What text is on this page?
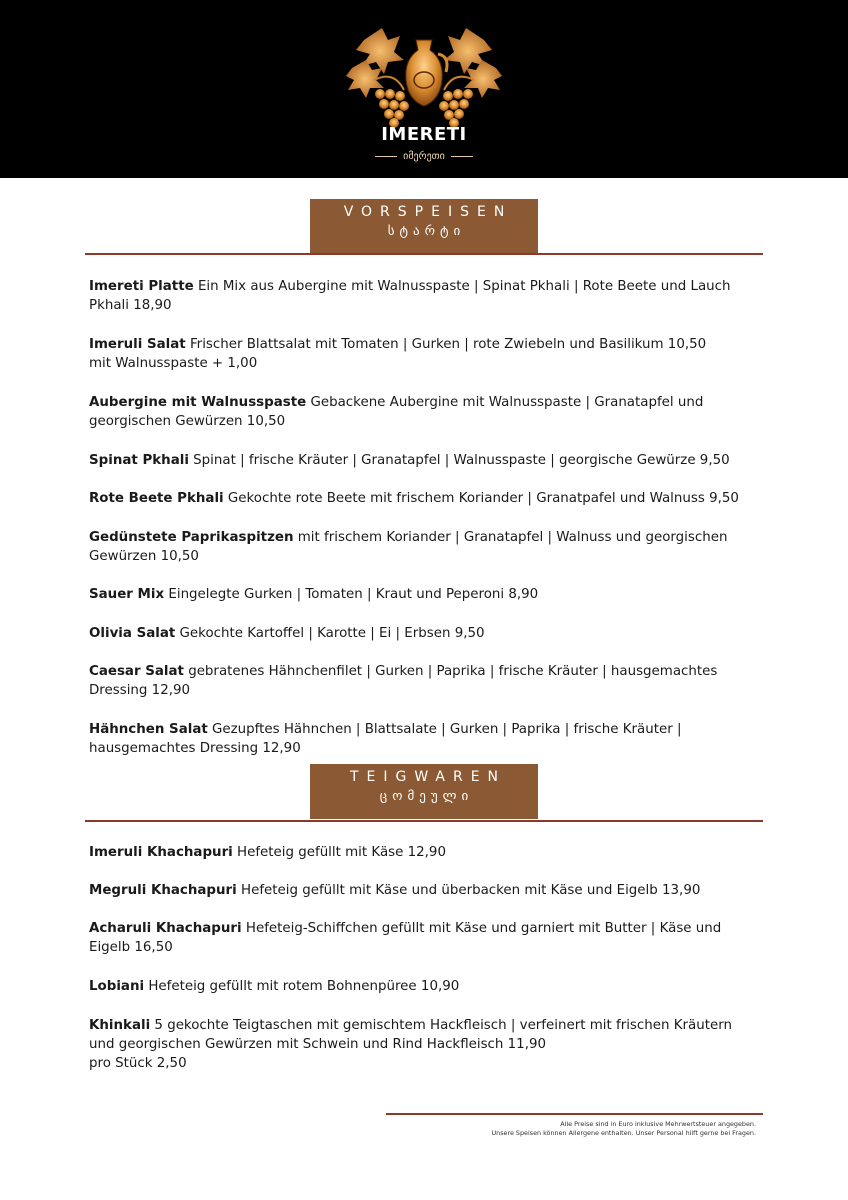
IMERETI
იმერეთი
VORSPEISEN
სტარტი
Imereti Platte Ein Mix aus Aubergine mit Walnusspaste | Spinat Pkhali | Rote Beete und Lauch
Pkhali 18,90
Imeruli Salat Frischer Blattsalat mit Tomaten | Gurken | rote Zwiebeln und Basilikum 10,50
mit Walnusspaste + 1,00
Aubergine mit Walnusspaste Gebackene Aubergine mit Walnusspaste | Granatapfel und
georgischen Gewürzen 10,50
Spinat Pkhali Spinat | frische Kräuter | Granatapfel | Walnusspaste | georgische Gewürze 9,50
Rote Beete Pkhali Gekochte rote Beete mit frischem Koriander | Granatpafel und Walnuss 9,50
Gedünstete Paprikaspitzen mit frischem Koriander | Granatapfel | Walnuss und georgischen
Gewürzen 10,50
Sauer Mix Eingelegte Gurken | Tomaten | Kraut und Peperoni 8,90
Olivia Salat Gekochte Kartoffel | Karotte | Ei | Erbsen 9,50
Caesar Salat gebratenes Hähnchenfilet | Gurken | Paprika | frische Kräuter | hausgemachtes
Dressing 12,90
Hähnchen Salat Gezupftes Hähnchen | Blattsalate | Gurken | Paprika | frische Kräuter |
hausgemachtes Dressing 12,90
TEIGWAREN
ცომეული
Imeruli Khachapuri Hefeteig gefüllt mit Käse 12,90
Megruli Khachapuri Hefeteig gefüllt mit Käse und überbacken mit Käse und Eigelb 13,90
Acharuli Khachapuri Hefeteig-Schiffchen gefüllt mit Käse und garniert mit Butter | Käse und
Eigelb 16,50
Lobiani Hefeteig gefüllt mit rotem Bohnenpüree 10,90
Khinkali 5 gekochte Teigtaschen mit gemischtem Hackfleisch | verfeinert mit frischen Kräutern
und georgischen Gewürzen mit Schwein und Rind Hackfleisch 11,90
pro Stück 2,50
Alle Preise sind in Euro inklusive Mehrwertsteuer angegeben.
Unsere Speisen können Allergene enthalten. Unser Personal hilft gerne bei Fragen.
